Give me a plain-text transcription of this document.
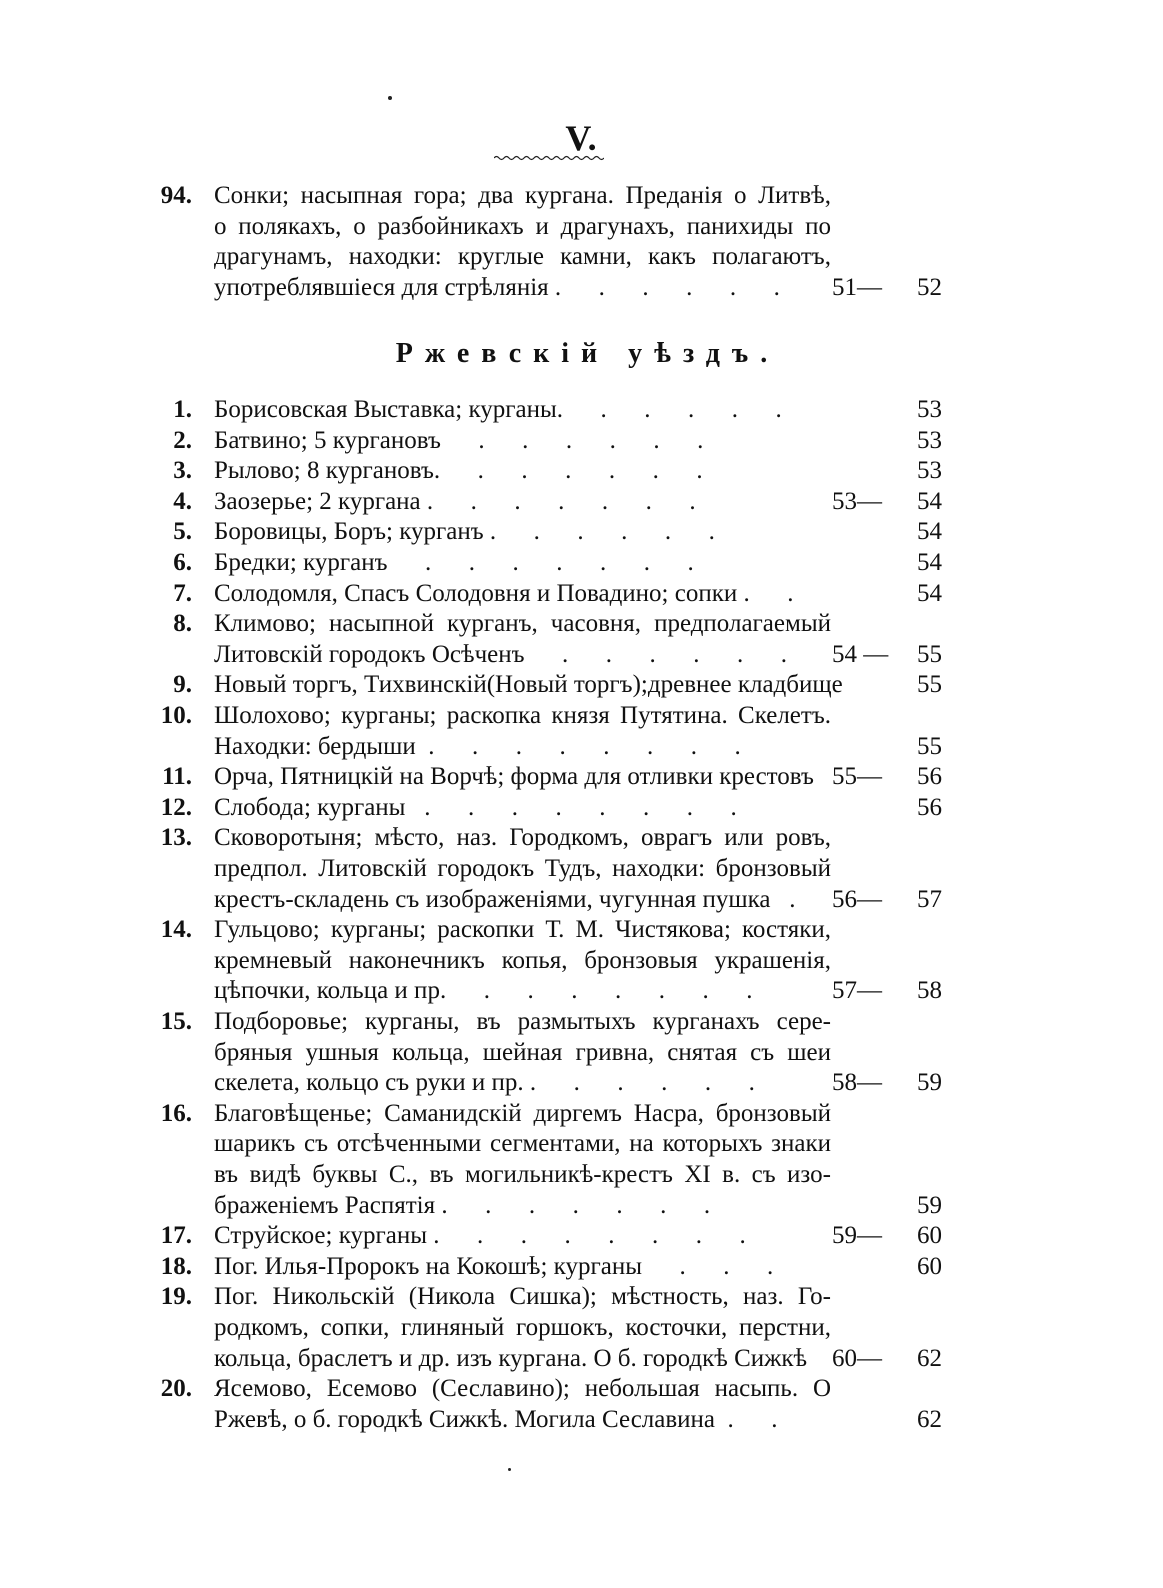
V.
Ржевскій уѣздъ.
94. Сонки; насыпная гора; два кургана. Преданія о Литвѣ,
о полякахъ, о разбойникахъ и драгунахъ, панихиды по
драгунамъ, находки: круглые камни, какъ полагаютъ,
употреблявшіеся для стрѣлянія .      .      .      .      .      . 51—	52
1. Борисовская Выставка; курганы.      .      .      .      .      .	53
2. Батвино; 5 кургановъ      .      .      .      .      .      .	53
3. Рылово; 8 кургановъ.      .      .      .      .      .      .	53
4. Заозерье; 2 кургана .      .      .      .      .      .      .	53—	54
5. Боровицы, Боръ; курганъ .      .      .      .      .      .	54
6. Бредки; курганъ      .      .      .      .      .      .      .	54
7. Солодомля, Спасъ Солодовня и Повадино; сопки .      .	54
8. Климово; насыпной курганъ, часовня, предполагаемый
Литовскій городокъ Осѣченъ      .      .      .      .      .      . 54 —	55
9. Новый торгъ, Тихвинскій(Новый торгъ);древнее кладбище	55
10. Шолохово; курганы; раскопка князя Путятина. Скелетъ.
Находки: бердыши  .      .      .      .      .      .      .      .	55
11. Орча, Пятницкій на Ворчѣ; форма для отливки крестовъ 55—	56
12. Слобода; курганы   .      .      .      .      .      .      .      .	56
13. Сковоротыня; мѣсто, наз. Городкомъ, оврагъ или ровъ,
предпол. Литовскій городокъ Тудъ, находки: бронзовый
крестъ-складень съ изображеніями, чугунная пушка   . 56—	57
14. Гульцово; курганы; раскопки Т. М. Чистякова; костяки,
кремневый наконечникъ копья, бронзовыя украшенія,
цѣпочки, кольца и пр.      .      .      .      .      .      .      .	57—	58
15. Подборовье; курганы, въ размытыхъ курганахъ сере-
бряныя ушныя кольца, шейная гривна, снятая съ шеи
скелета, кольцо съ руки и пр. .      .      .      .      .      .	58—	59
16. Благовѣщенье; Саманидскій диргемъ Насра, бронзовый
шарикъ съ отсѣченными сегментами, на которыхъ знаки
въ видѣ буквы С., въ могильникѣ-крестъ XI в. съ изо-
браженіемъ Распятія .      .      .      .      .      .      .	59
17. Струйское; курганы .      .      .      .      .      .      .      .	59—	60
18. Пог. Илья-Пророкъ на Кокошѣ; курганы      .      .      .	60
19. Пог. Никольскій (Никола Сишка); мѣстность, наз. Го-
родкомъ, сопки, глиняный горшокъ, косточки, перстни,
кольца, браслетъ и др. изъ кургана. О б. городкѣ Сижкѣ 60—	62
20. Ясемово, Есемово (Сеславино); небольшая насыпь. О
Ржевѣ, о б. городкѣ Сижкѣ. Могила Сеславина  .      .	62
